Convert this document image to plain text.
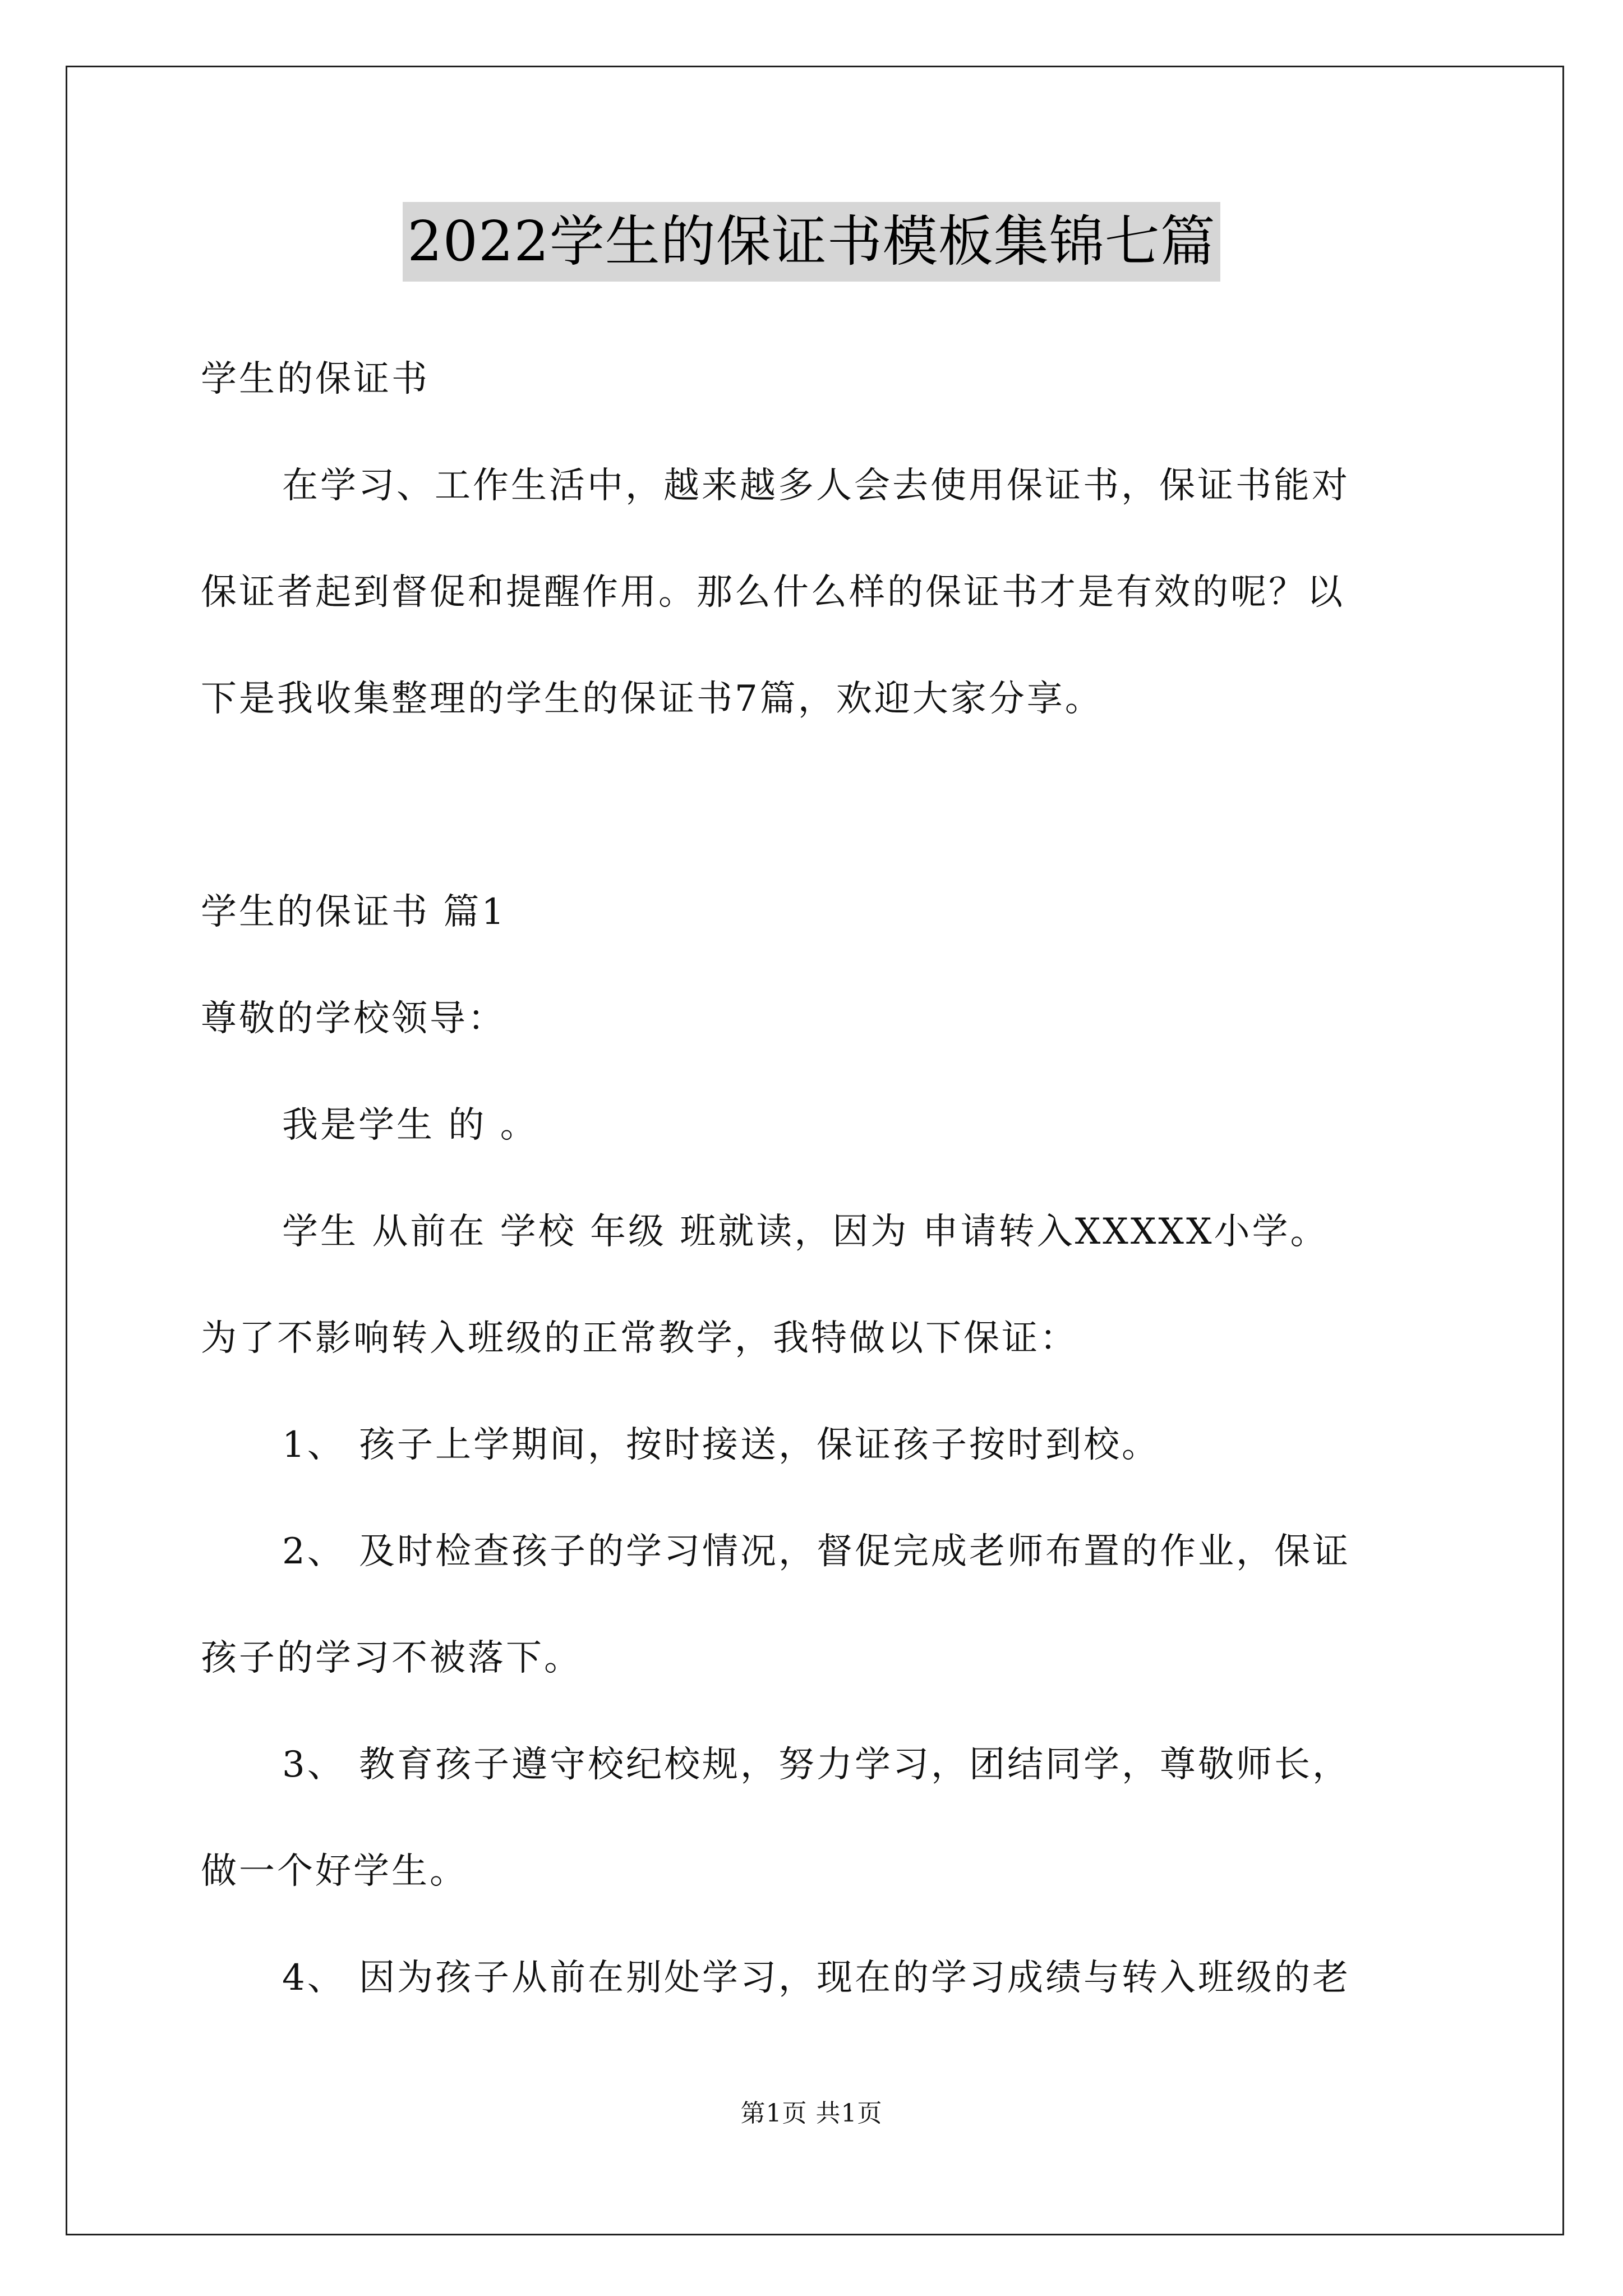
2022学生的保证书模板集锦七篇
学生的保证书
在学习、工作生活中，越来越多人会去使用保证书，保证书能对
保证者起到督促和提醒作用。那么什么样的保证书才是有效的呢？以
下是我收集整理的学生的保证书7篇，欢迎大家分享。
学生的保证书 篇1
尊敬的学校领导：
我是学生 的 。
学生 从前在 学校 年级 班就读，因为 申请转入XXXXX小学。
为了不影响转入班级的正常教学，我特做以下保证：
1、 孩子上学期间，按时接送，保证孩子按时到校。
2、 及时检查孩子的学习情况，督促完成老师布置的作业，保证
孩子的学习不被落下。
3、 教育孩子遵守校纪校规，努力学习，团结同学，尊敬师长，
做一个好学生。
4、 因为孩子从前在别处学习，现在的学习成绩与转入班级的老
第1页 共1页
